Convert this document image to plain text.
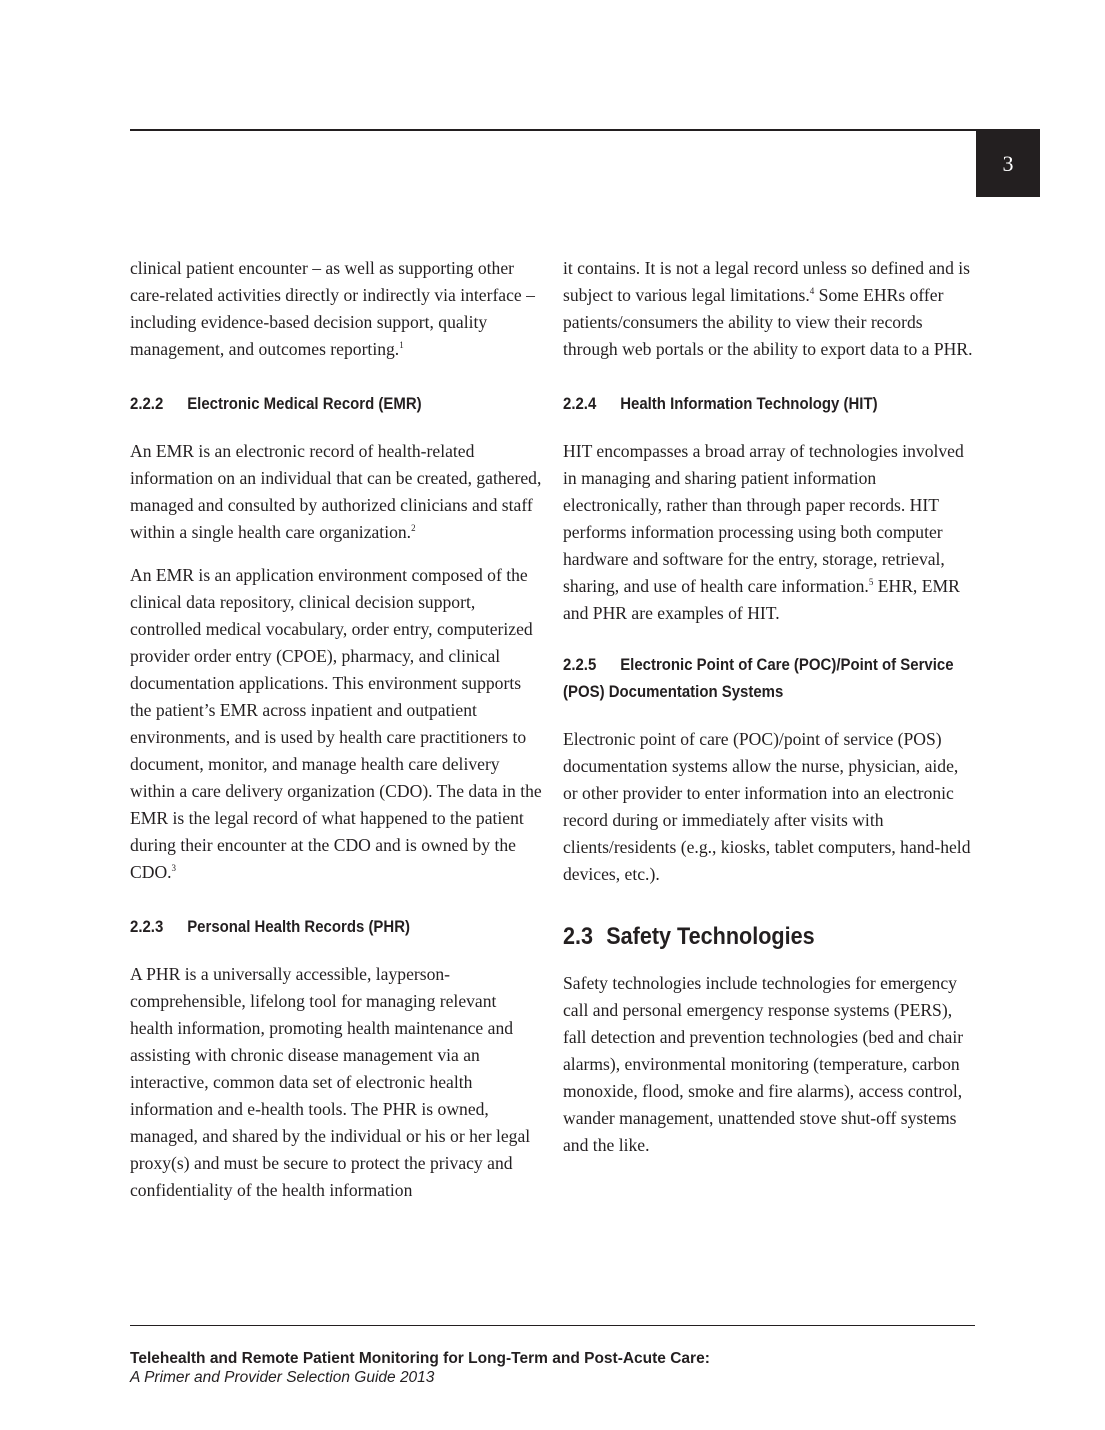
3

clinical patient encounter – as well as supporting other care-related activities directly or indirectly via interface – including evidence-based decision support, quality management, and outcomes reporting.$^1$

2.2.2 Electronic Medical Record (EMR)

An EMR is an electronic record of health-related information on an individual that can be created, gathered, managed and consulted by authorized clinicians and staff within a single health care organization.$^2$

An EMR is an application environment composed of the clinical data repository, clinical decision support, controlled medical vocabulary, order entry, computerized provider order entry (CPOE), pharmacy, and clinical documentation applications. This environment supports the patient’s EMR across inpatient and outpatient environments, and is used by health care practitioners to document, monitor, and manage health care delivery within a care delivery organization (CDO). The data in the EMR is the legal record of what happened to the patient during their encounter at the CDO and is owned by the CDO.$^3$

2.2.3 Personal Health Records (PHR)

A PHR is a universally accessible, layperson-comprehensible, lifelong tool for managing relevant health information, promoting health maintenance and assisting with chronic disease management via an interactive, common data set of electronic health information and e-health tools. The PHR is owned, managed, and shared by the individual or his or her legal proxy(s) and must be secure to protect the privacy and confidentiality of the health information

it contains. It is not a legal record unless so defined and is subject to various legal limitations.$^4$ Some EHRs offer patients/consumers the ability to view their records through web portals or the ability to export data to a PHR.

2.2.4 Health Information Technology (HIT)

HIT encompasses a broad array of technologies involved in managing and sharing patient information electronically, rather than through paper records. HIT performs information processing using both computer hardware and software for the entry, storage, retrieval, sharing, and use of health care information.$^5$ EHR, EMR and PHR are examples of HIT.

2.2.5 Electronic Point of Care (POC)/Point of Service (POS) Documentation Systems

Electronic point of care (POC)/point of service (POS) documentation systems allow the nurse, physician, aide, or other provider to enter information into an electronic record during or immediately after visits with clients/residents (e.g., kiosks, tablet computers, hand-held devices, etc.).

2.3 Safety Technologies

Safety technologies include technologies for emergency call and personal emergency response systems (PERS), fall detection and prevention technologies (bed and chair alarms), environmental monitoring (temperature, carbon monoxide, flood, smoke and fire alarms), access control, wander management, unattended stove shut-off systems and the like.

Telehealth and Remote Patient Monitoring for Long-Term and Post-Acute Care:
A Primer and Provider Selection Guide 2013
